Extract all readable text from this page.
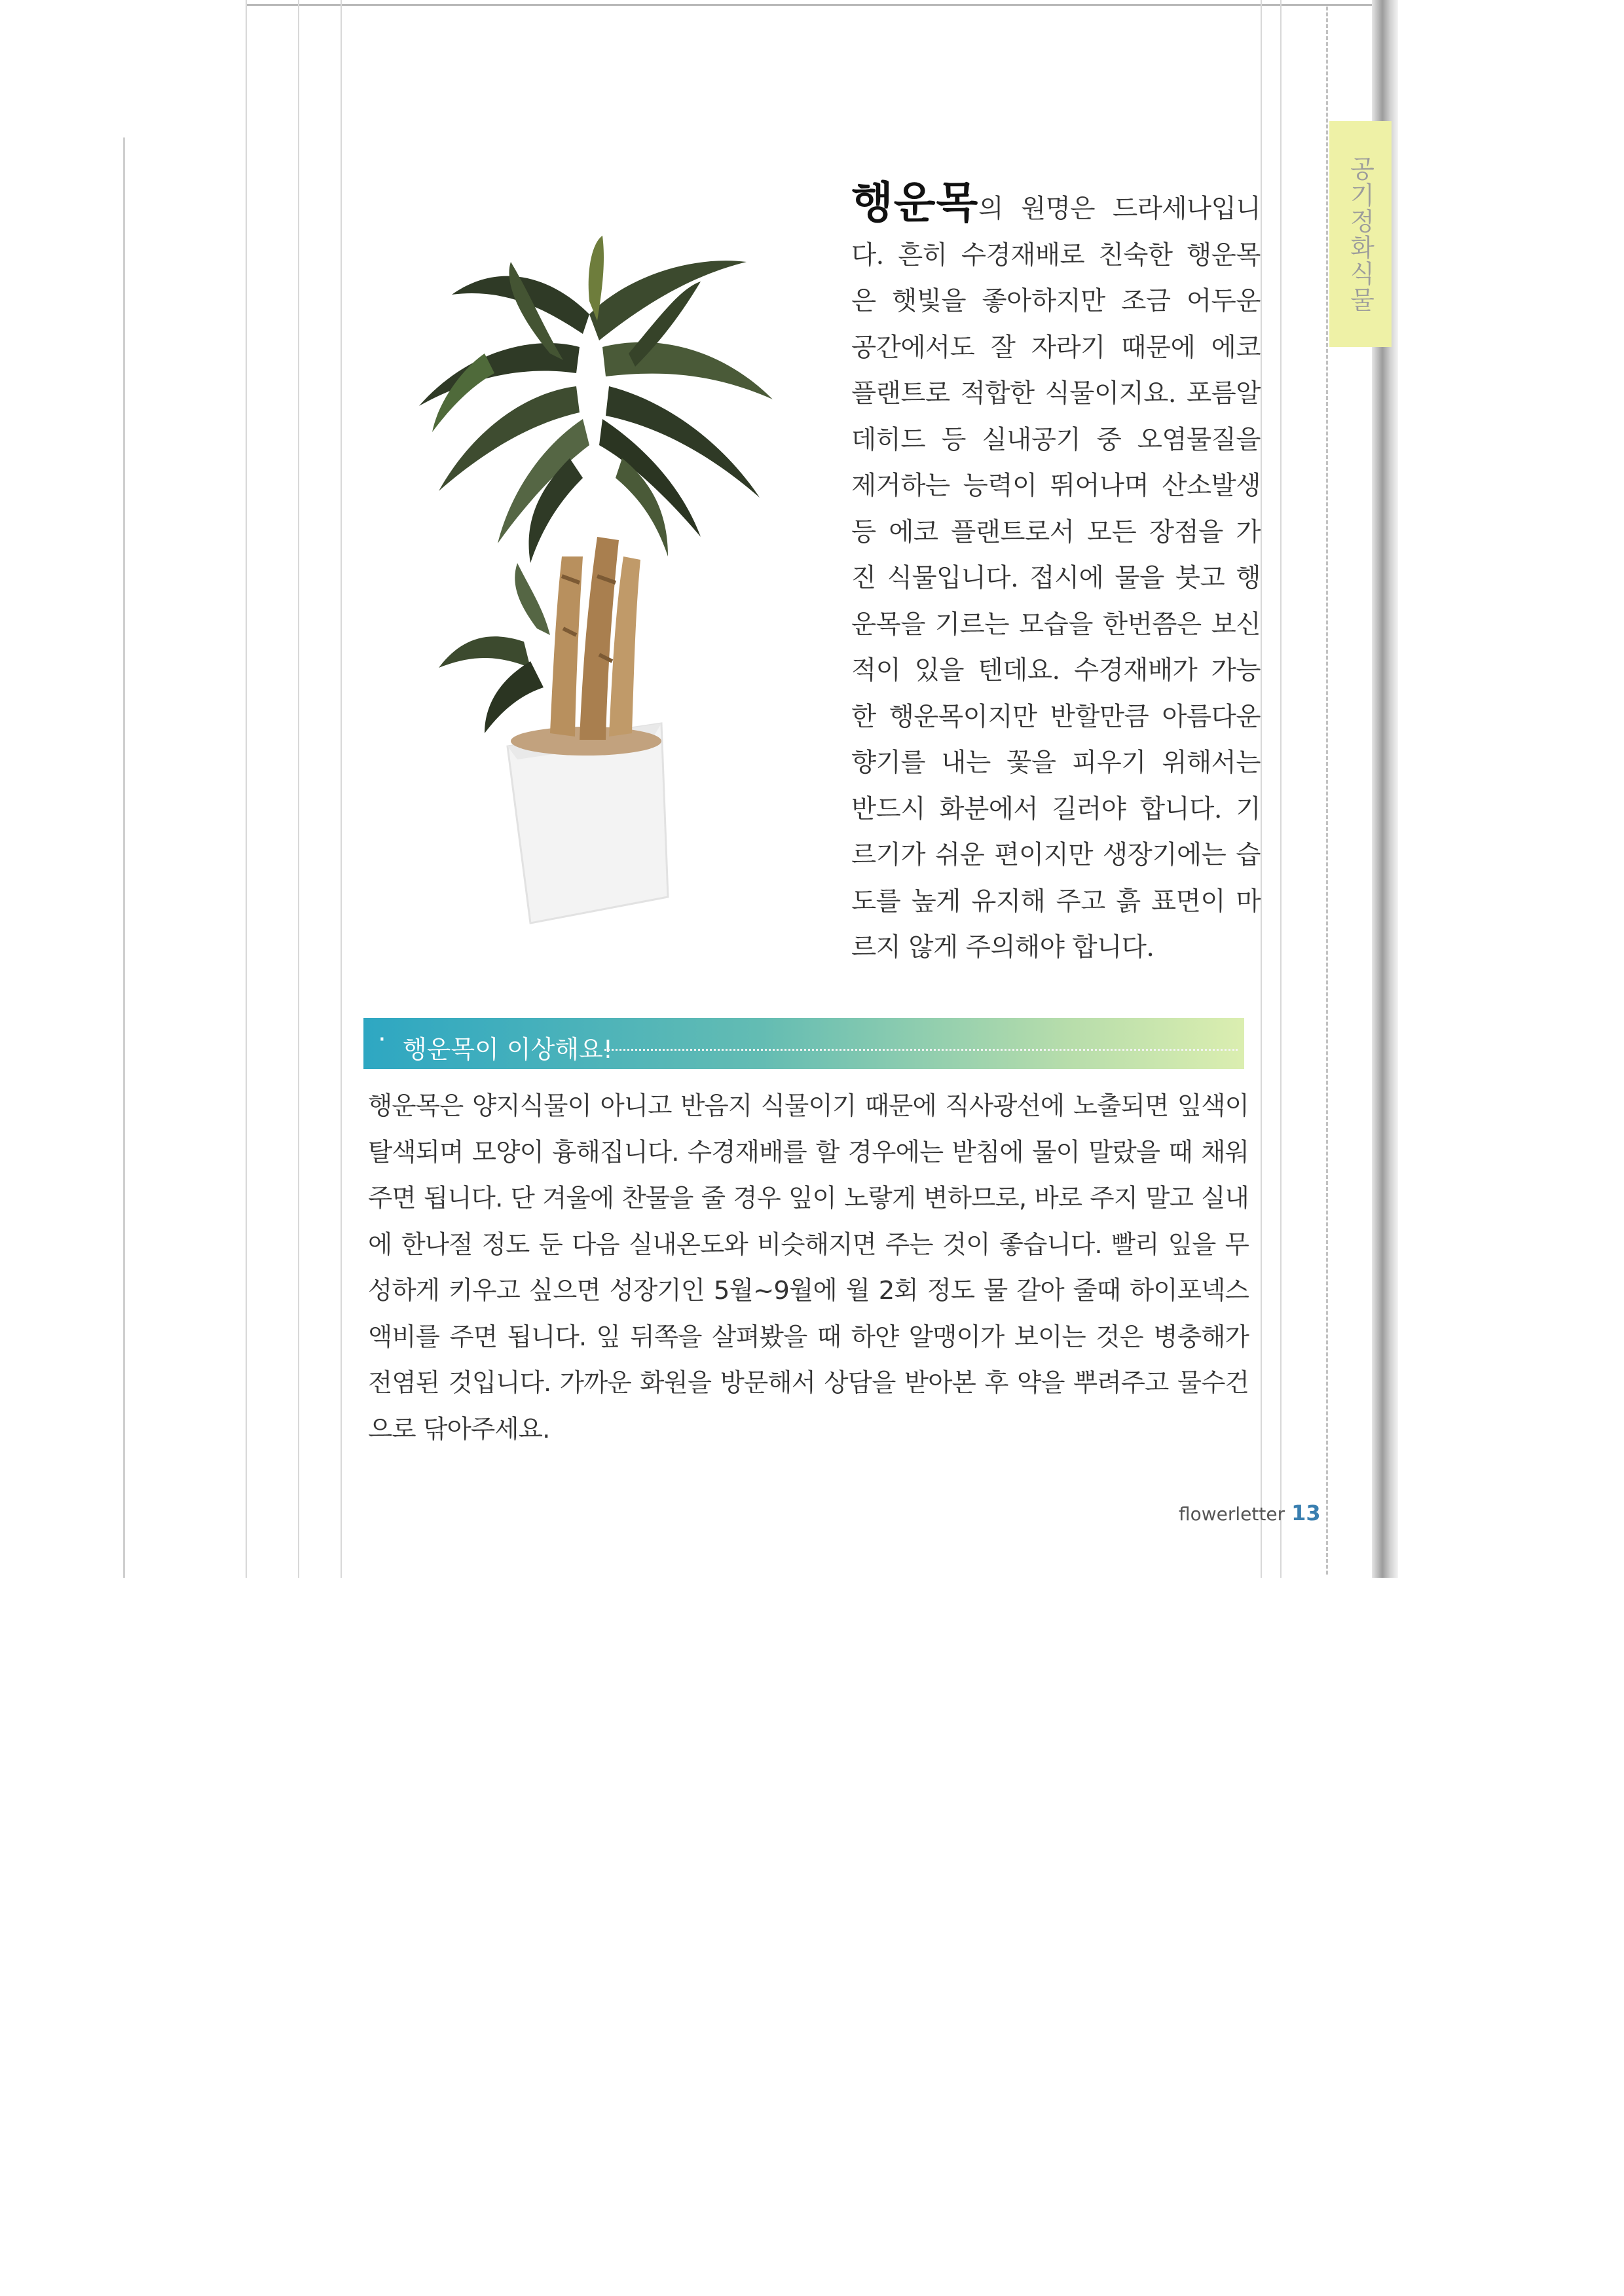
공기정화식물
행운목의 원명은 드라세나입니다. 흔히 수경재배로 친숙한 행운목은 햇빛을 좋아하지만 조금 어두운 공간에서도 잘 자라기 때문에 에코 플랜트로 적합한 식물이지요. 포름알데히드 등 실내공기 중 오염물질을 제거하는 능력이 뛰어나며 산소발생 등 에코 플랜트로서 모든 장점을 가진 식물입니다. 접시에 물을 붓고 행운목을 기르는 모습을 한번쯤은 보신 적이 있을 텐데요. 수경재배가 가능한 행운목이지만 반할만큼 아름다운 향기를 내는 꽃을 피우기 위해서는 반드시 화분에서 길러야 합니다. 기르기가 쉬운 편이지만 생장기에는 습도를 높게 유지해 주고 흙 표면이 마르지 않게 주의해야 합니다.
· 행운목이 이상해요!
행운목은 양지식물이 아니고 반음지 식물이기 때문에 직사광선에 노출되면 잎색이 탈색되며 모양이 흉해집니다. 수경재배를 할 경우에는 받침에 물이 말랐을 때 채워주면 됩니다. 단 겨울에 찬물을 줄 경우 잎이 노랗게 변하므로, 바로 주지 말고 실내에 한나절 정도 둔 다음 실내온도와 비슷해지면 주는 것이 좋습니다. 빨리 잎을 무성하게 키우고 싶으면 성장기인 5월~9월에 월 2회 정도 물 갈아 줄때 하이포넥스 액비를 주면 됩니다. 잎 뒤쪽을 살펴봤을 때 하얀 알맹이가 보이는 것은 병충해가 전염된 것입니다. 가까운 화원을 방문해서 상담을 받아본 후 약을 뿌려주고 물수건으로 닦아주세요.
flowerletter 13
